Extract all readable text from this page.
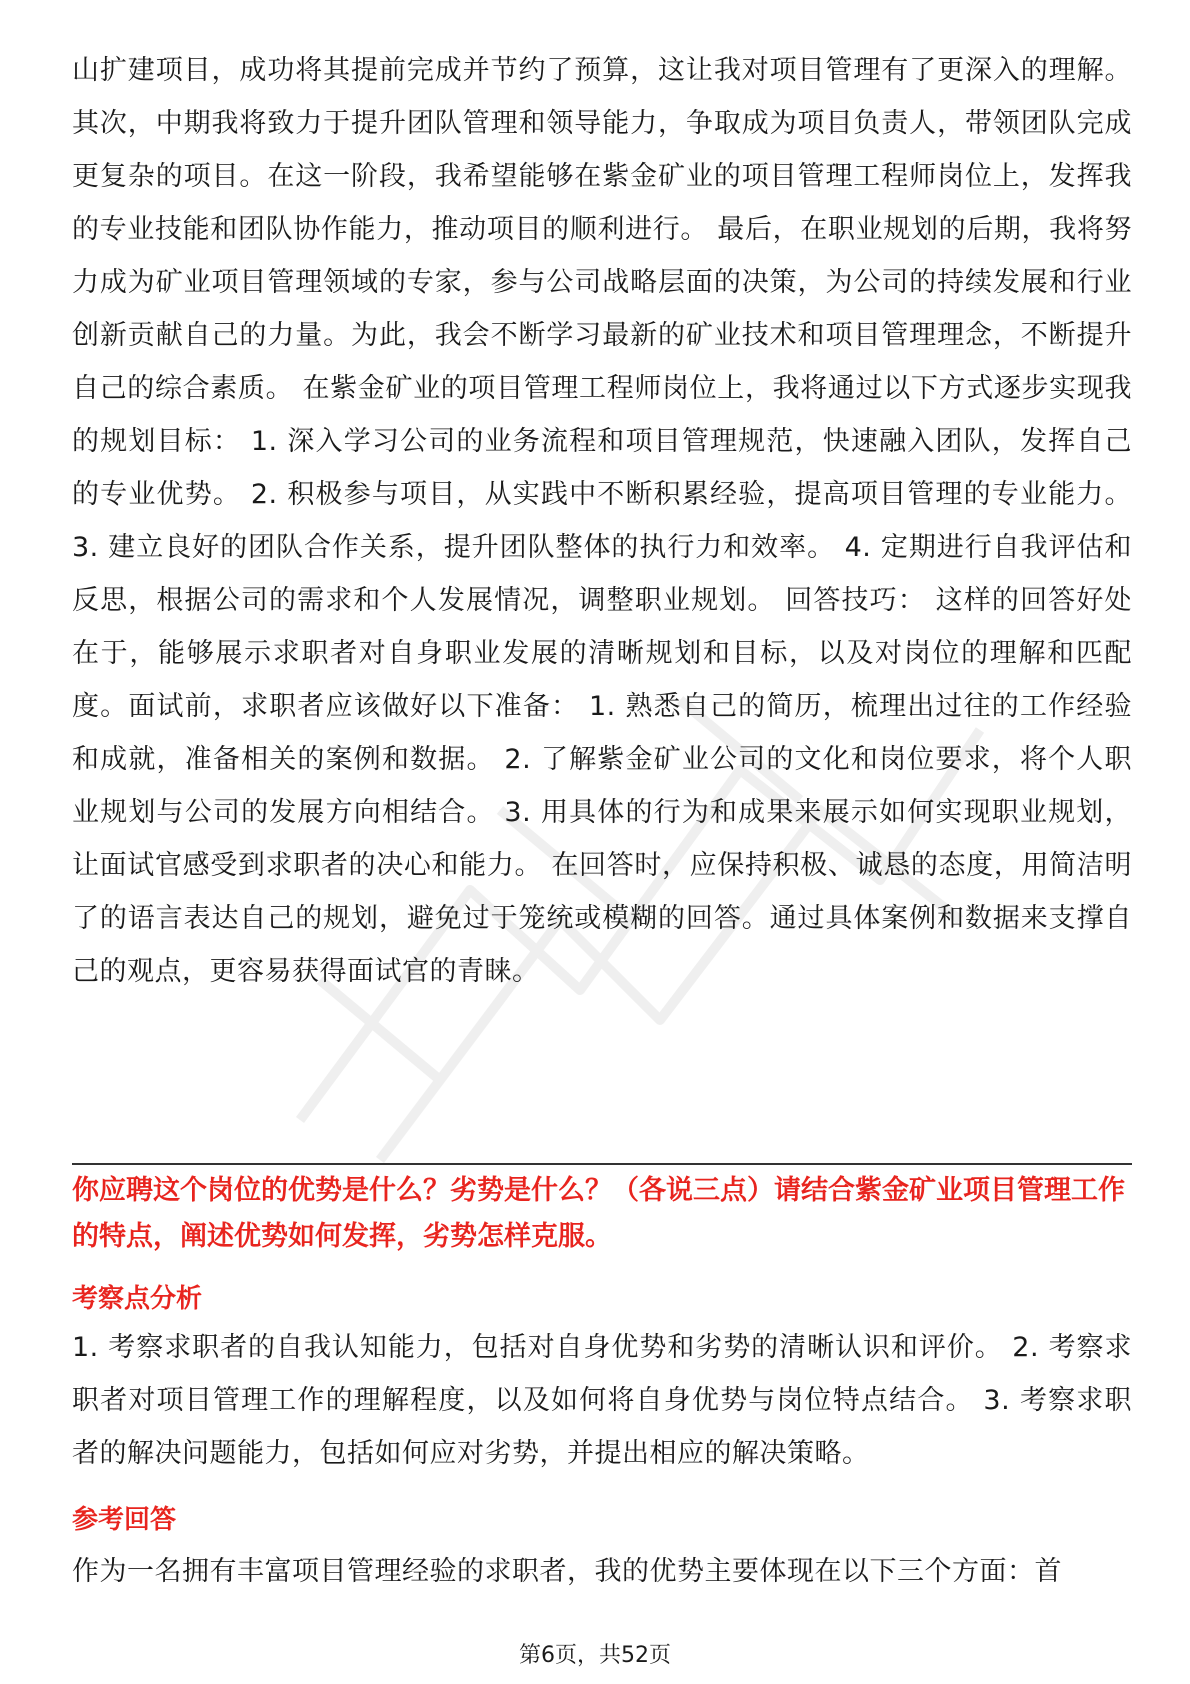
山扩建项目，成功将其提前完成并节约了预算，这让我对项目管理有了更深入的理解。 其次，中期我将致力于提升团队管理和领导能力，争取成为项目负责人，带领团队完成更复杂的项目。在这一阶段，我希望能够在紫金矿业的项目管理工程师岗位上，发挥我的专业技能和团队协作能力，推动项目的顺利进行。 最后，在职业规划的后期，我将努力成为矿业项目管理领域的专家，参与公司战略层面的决策，为公司的持续发展和行业创新贡献自己的力量。为此，我会不断学习最新的矿业技术和项目管理理念，不断提升自己的综合素质。 在紫金矿业的项目管理工程师岗位上，我将通过以下方式逐步实现我的规划目标： 1. 深入学习公司的业务流程和项目管理规范，快速融入团队，发挥自己的专业优势。 2. 积极参与项目，从实践中不断积累经验，提高项目管理的专业能力。 3. 建立良好的团队合作关系，提升团队整体的执行力和效率。 4. 定期进行自我评估和反思，根据公司的需求和个人发展情况，调整职业规划。 回答技巧： 这样的回答好处在于，能够展示求职者对自身职业发展的清晰规划和目标，以及对岗位的理解和匹配度。面试前，求职者应该做好以下准备： 1. 熟悉自己的简历，梳理出过往的工作经验和成就，准备相关的案例和数据。 2. 了解紫金矿业公司的文化和岗位要求，将个人职业规划与公司的发展方向相结合。 3. 用具体的行为和成果来展示如何实现职业规划，让面试官感受到求职者的决心和能力。 在回答时，应保持积极、诚恳的态度，用简洁明了的语言表达自己的规划，避免过于笼统或模糊的回答。通过具体案例和数据来支撑自己的观点，更容易获得面试官的青睐。

你应聘这个岗位的优势是什么？劣势是什么？（各说三点）请结合紫金矿业项目管理工作的特点，阐述优势如何发挥，劣势怎样克服。

考察点分析

1. 考察求职者的自我认知能力，包括对自身优势和劣势的清晰认识和评价。 2. 考察求职者对项目管理工作的理解程度，以及如何将自身优势与岗位特点结合。 3. 考察求职者的解决问题能力，包括如何应对劣势，并提出相应的解决策略。

参考回答

作为一名拥有丰富项目管理经验的求职者，我的优势主要体现在以下三个方面：首

第6页，共52页
